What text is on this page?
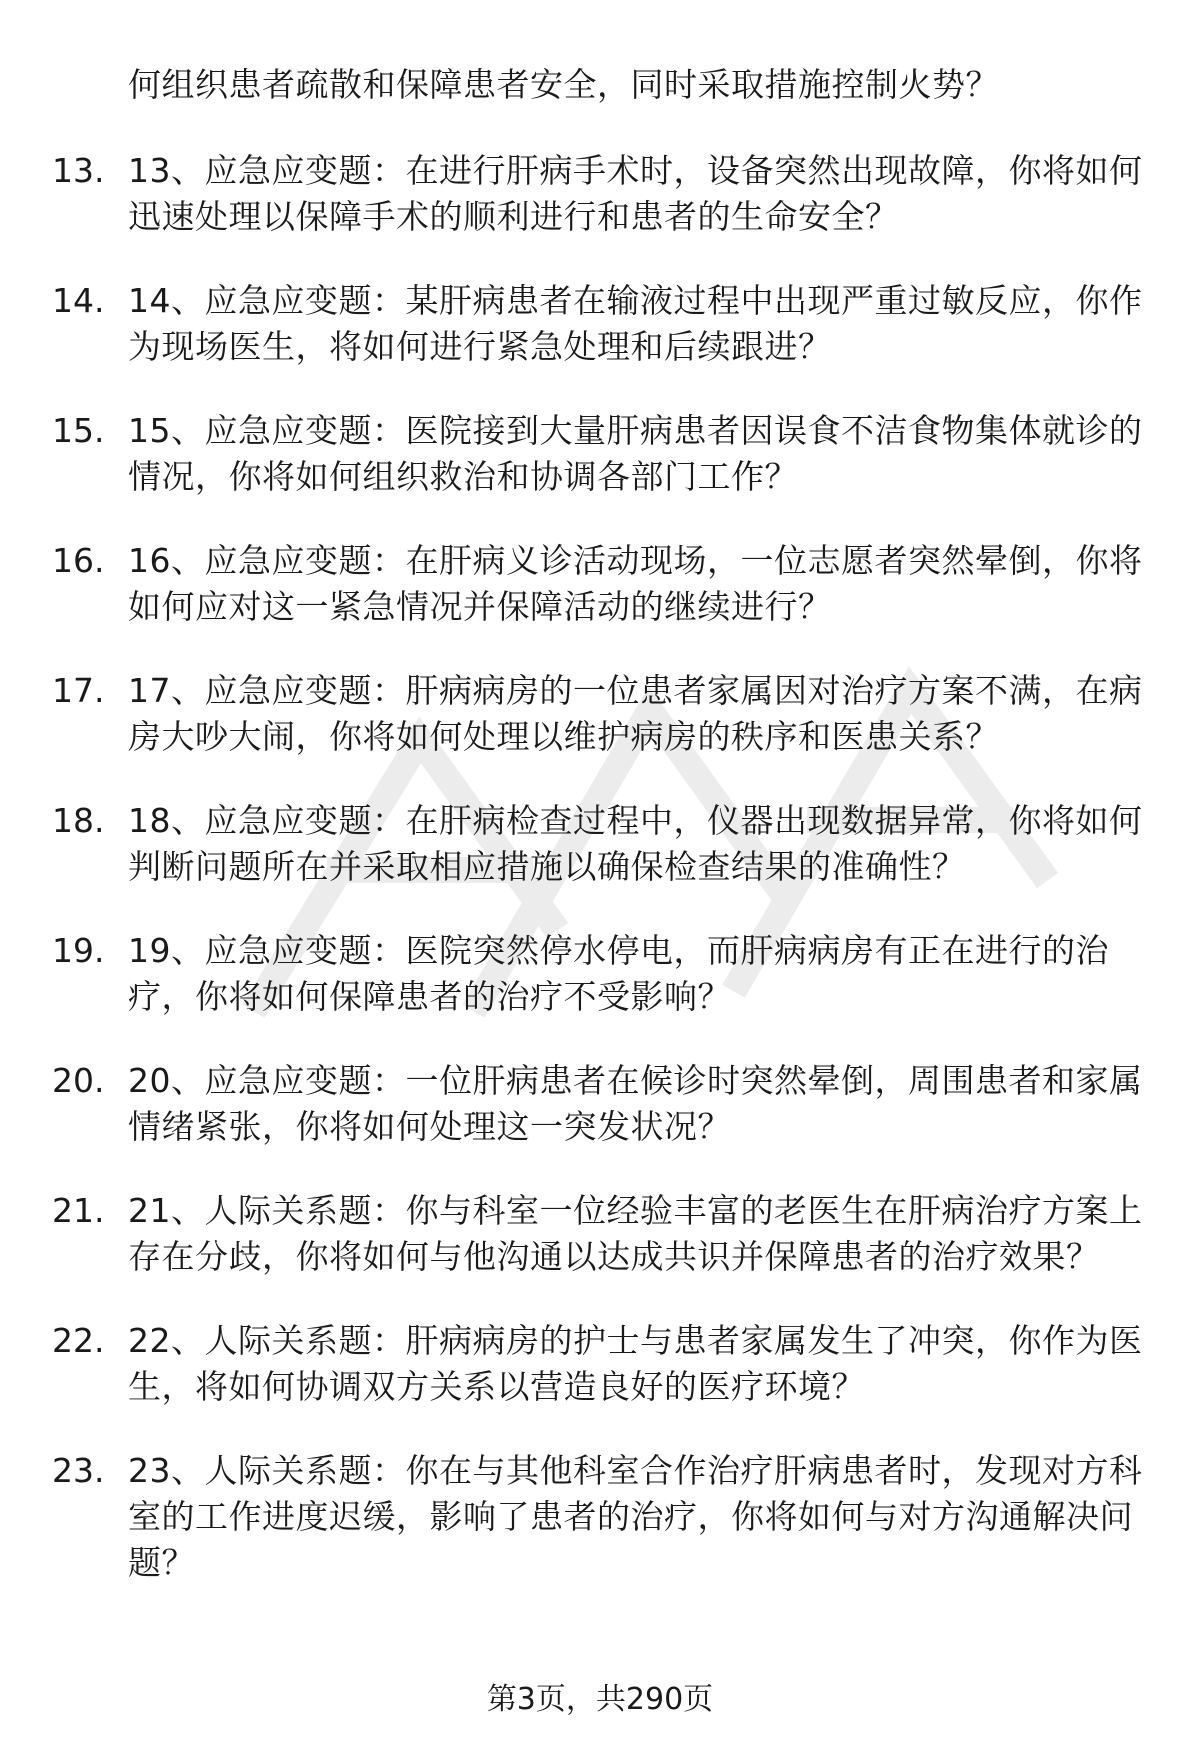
何组织患者疏散和保障患者安全，同时采取措施控制火势？
13. 13、应急应变题：在进行肝病手术时，设备突然出现故障，你将如何迅速处理以保障手术的顺利进行和患者的生命安全？
14. 14、应急应变题：某肝病患者在输液过程中出现严重过敏反应，你作为现场医生，将如何进行紧急处理和后续跟进？
15. 15、应急应变题：医院接到大量肝病患者因误食不洁食物集体就诊的情况，你将如何组织救治和协调各部门工作？
16. 16、应急应变题：在肝病义诊活动现场，一位志愿者突然晕倒，你将如何应对这一紧急情况并保障活动的继续进行？
17. 17、应急应变题：肝病病房的一位患者家属因对治疗方案不满，在病房大吵大闹，你将如何处理以维护病房的秩序和医患关系？
18. 18、应急应变题：在肝病检查过程中，仪器出现数据异常，你将如何判断问题所在并采取相应措施以确保检查结果的准确性？
19. 19、应急应变题：医院突然停水停电，而肝病病房有正在进行的治疗，你将如何保障患者的治疗不受影响？
20. 20、应急应变题：一位肝病患者在候诊时突然晕倒，周围患者和家属情绪紧张，你将如何处理这一突发状况？
21. 21、人际关系题：你与科室一位经验丰富的老医生在肝病治疗方案上存在分歧，你将如何与他沟通以达成共识并保障患者的治疗效果？
22. 22、人际关系题：肝病病房的护士与患者家属发生了冲突，你作为医生，将如何协调双方关系以营造良好的医疗环境？
23. 23、人际关系题：你在与其他科室合作治疗肝病患者时，发现对方科室的工作进度迟缓，影响了患者的治疗，你将如何与对方沟通解决问题？
第3页，共290页
